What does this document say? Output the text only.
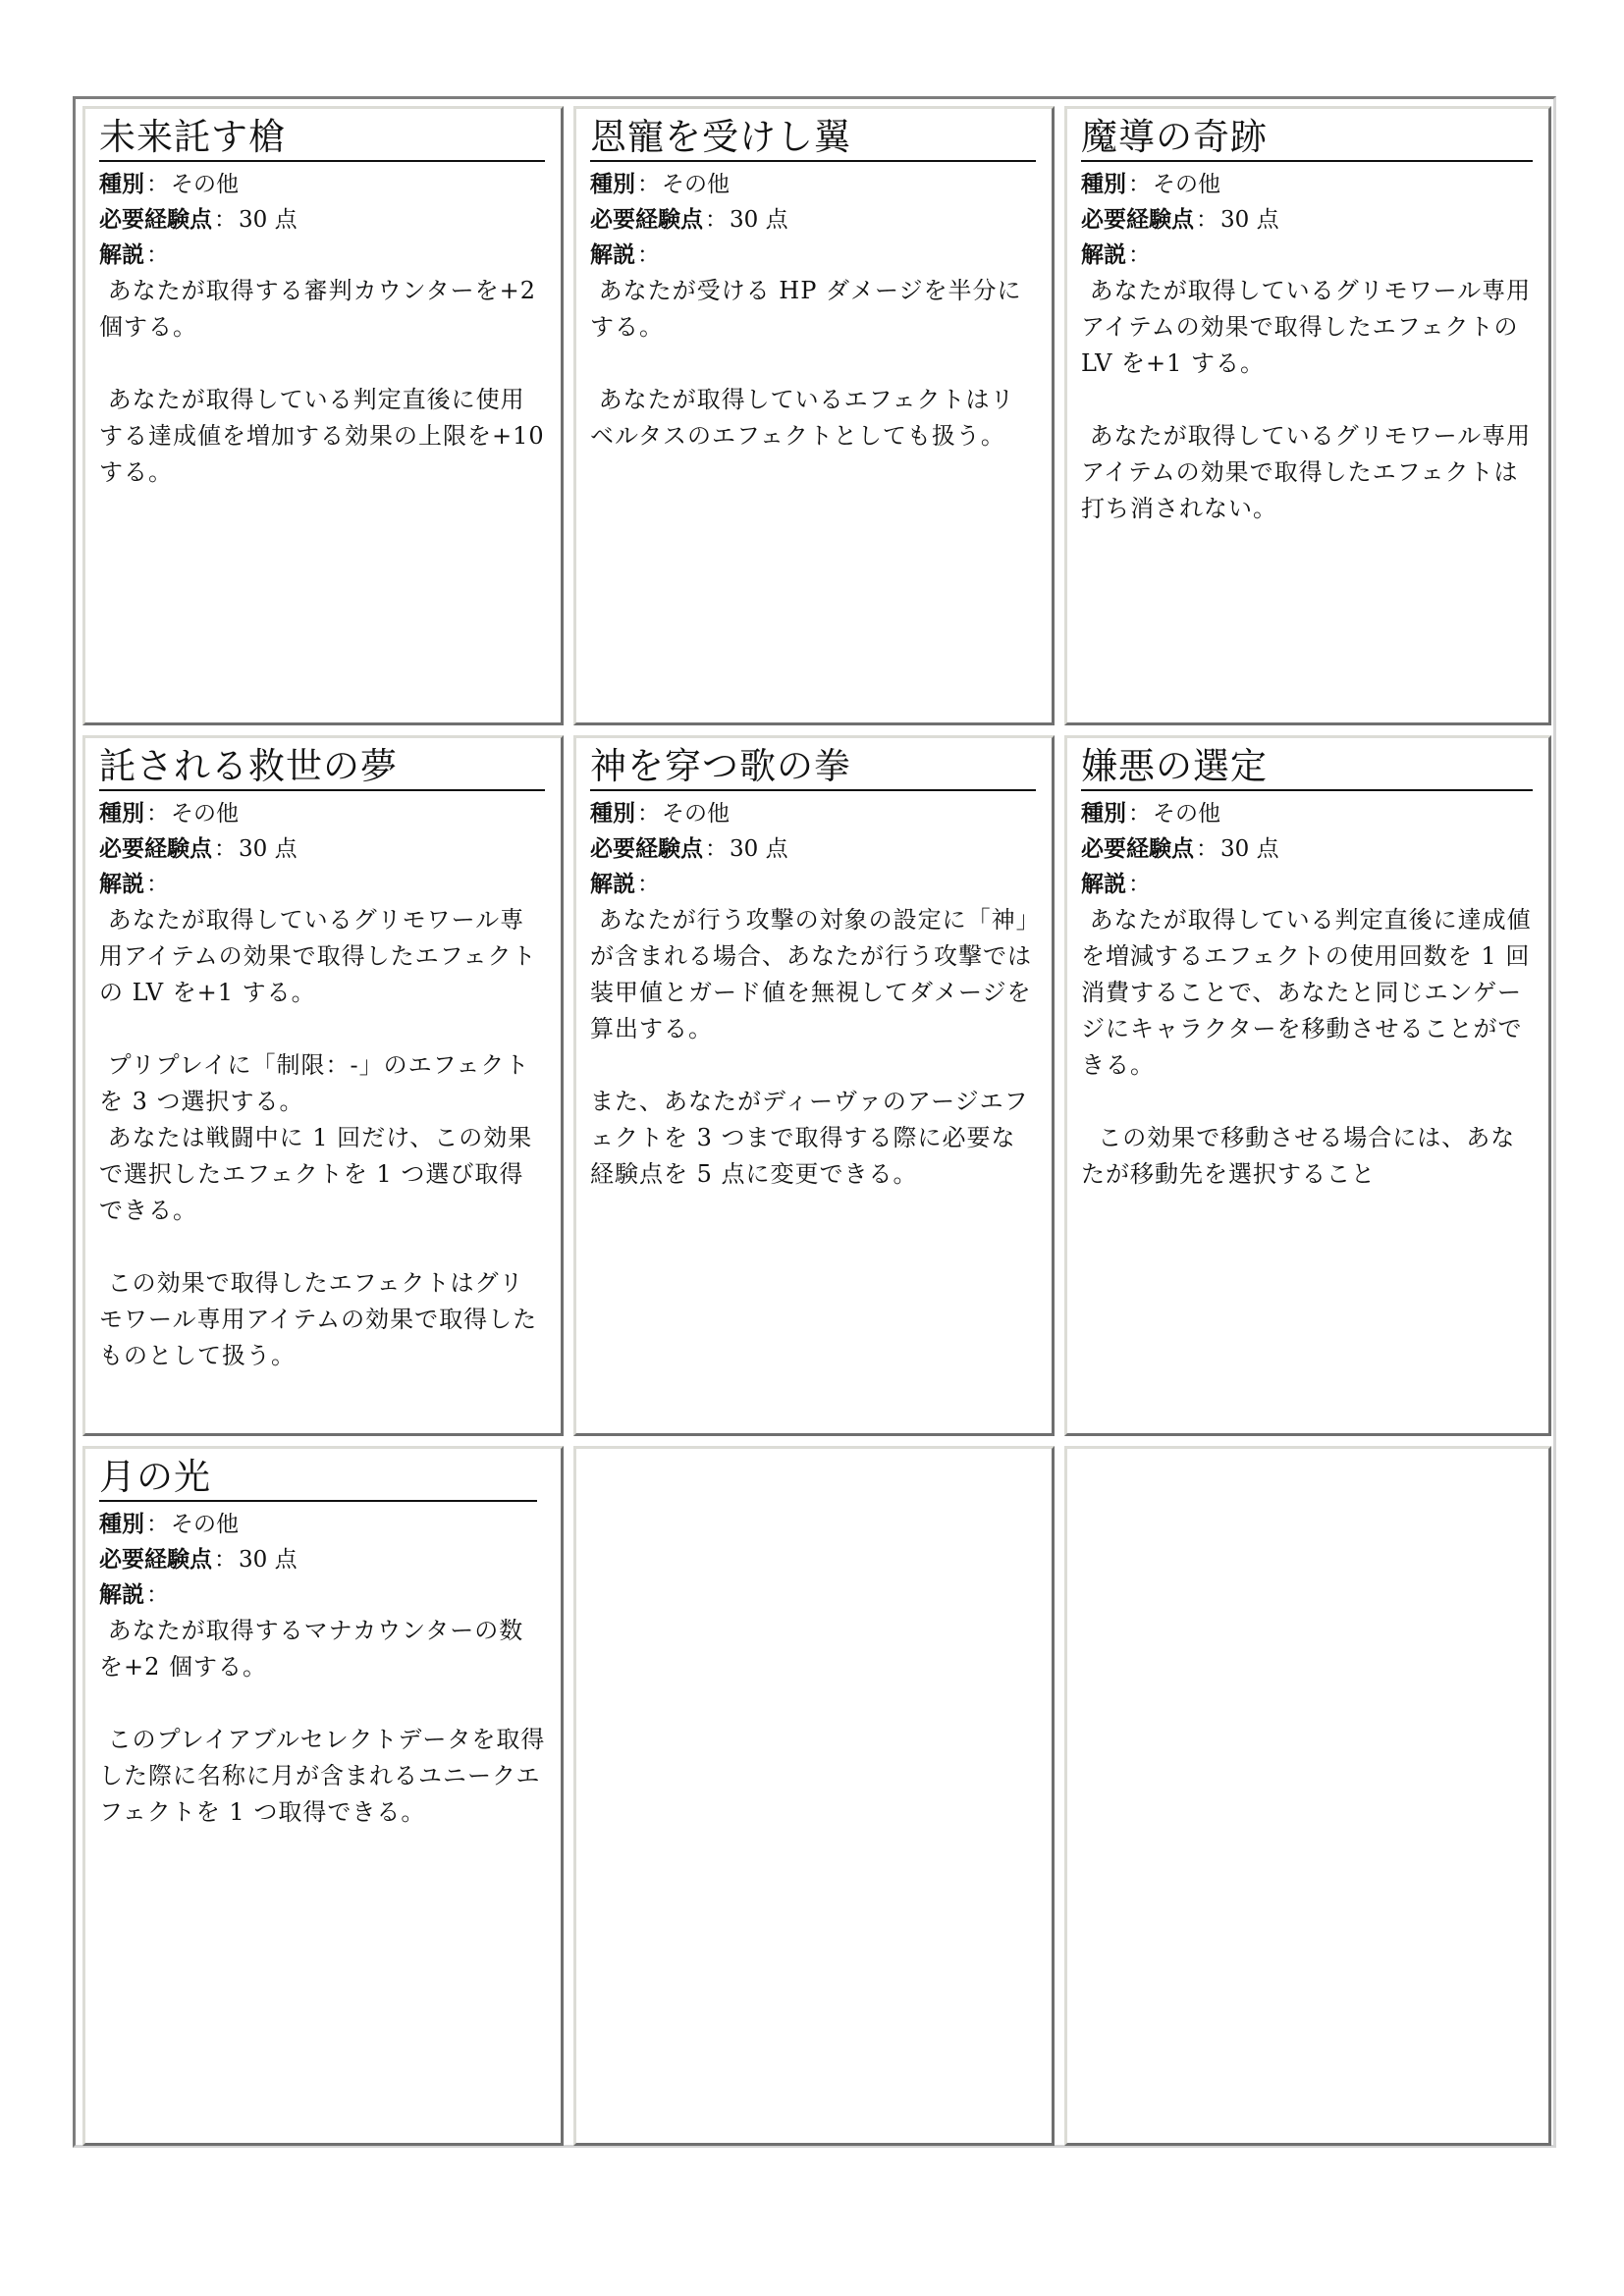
未来託す槍
種別：その他
必要経験点：30 点
解説：
あなたが取得する審判カウンターを+2 個する。

あなたが取得している判定直後に使用する達成値を増加する効果の上限を+10 する。
恩寵を受けし翼
種別：その他
必要経験点：30 点
解説：
あなたが受ける HP ダメージを半分にする。

あなたが取得しているエフェクトはリベルタスのエフェクトとしても扱う。
魔導の奇跡
種別：その他
必要経験点：30 点
解説：
あなたが取得しているグリモワール専用アイテムの効果で取得したエフェクトの LV を+1 する。

あなたが取得しているグリモワール専用アイテムの効果で取得したエフェクトは打ち消されない。
託される救世の夢
種別：その他
必要経験点：30 点
解説：
あなたが取得しているグリモワール専用アイテムの効果で取得したエフェクトの LV を+1 する。

プリプレイに「制限：-」のエフェクトを 3 つ選択する。
あなたは戦闘中に 1 回だけ、この効果で選択したエフェクトを 1 つ選び取得できる。

この効果で取得したエフェクトはグリモワール専用アイテムの効果で取得したものとして扱う。
神を穿つ歌の拳
種別：その他
必要経験点：30 点
解説：
あなたが行う攻撃の対象の設定に「神」が含まれる場合、あなたが行う攻撃では装甲値とガード値を無視してダメージを算出する。

また、あなたがディーヴァのアージエフェクトを 3 つまで取得する際に必要な経験点を 5 点に変更できる。
嫌悪の選定
種別：その他
必要経験点：30 点
解説：
あなたが取得している判定直後に達成値を増減するエフェクトの使用回数を 1 回消費することで、あなたと同じエンゲージにキャラクターを移動させることができる。

この効果で移動させる場合には、あなたが移動先を選択すること
月の光
種別：その他
必要経験点：30 点
解説：
あなたが取得するマナカウンターの数を+2 個する。

このプレイアブルセレクトデータを取得した際に名称に月が含まれるユニークエフェクトを 1 つ取得できる。
